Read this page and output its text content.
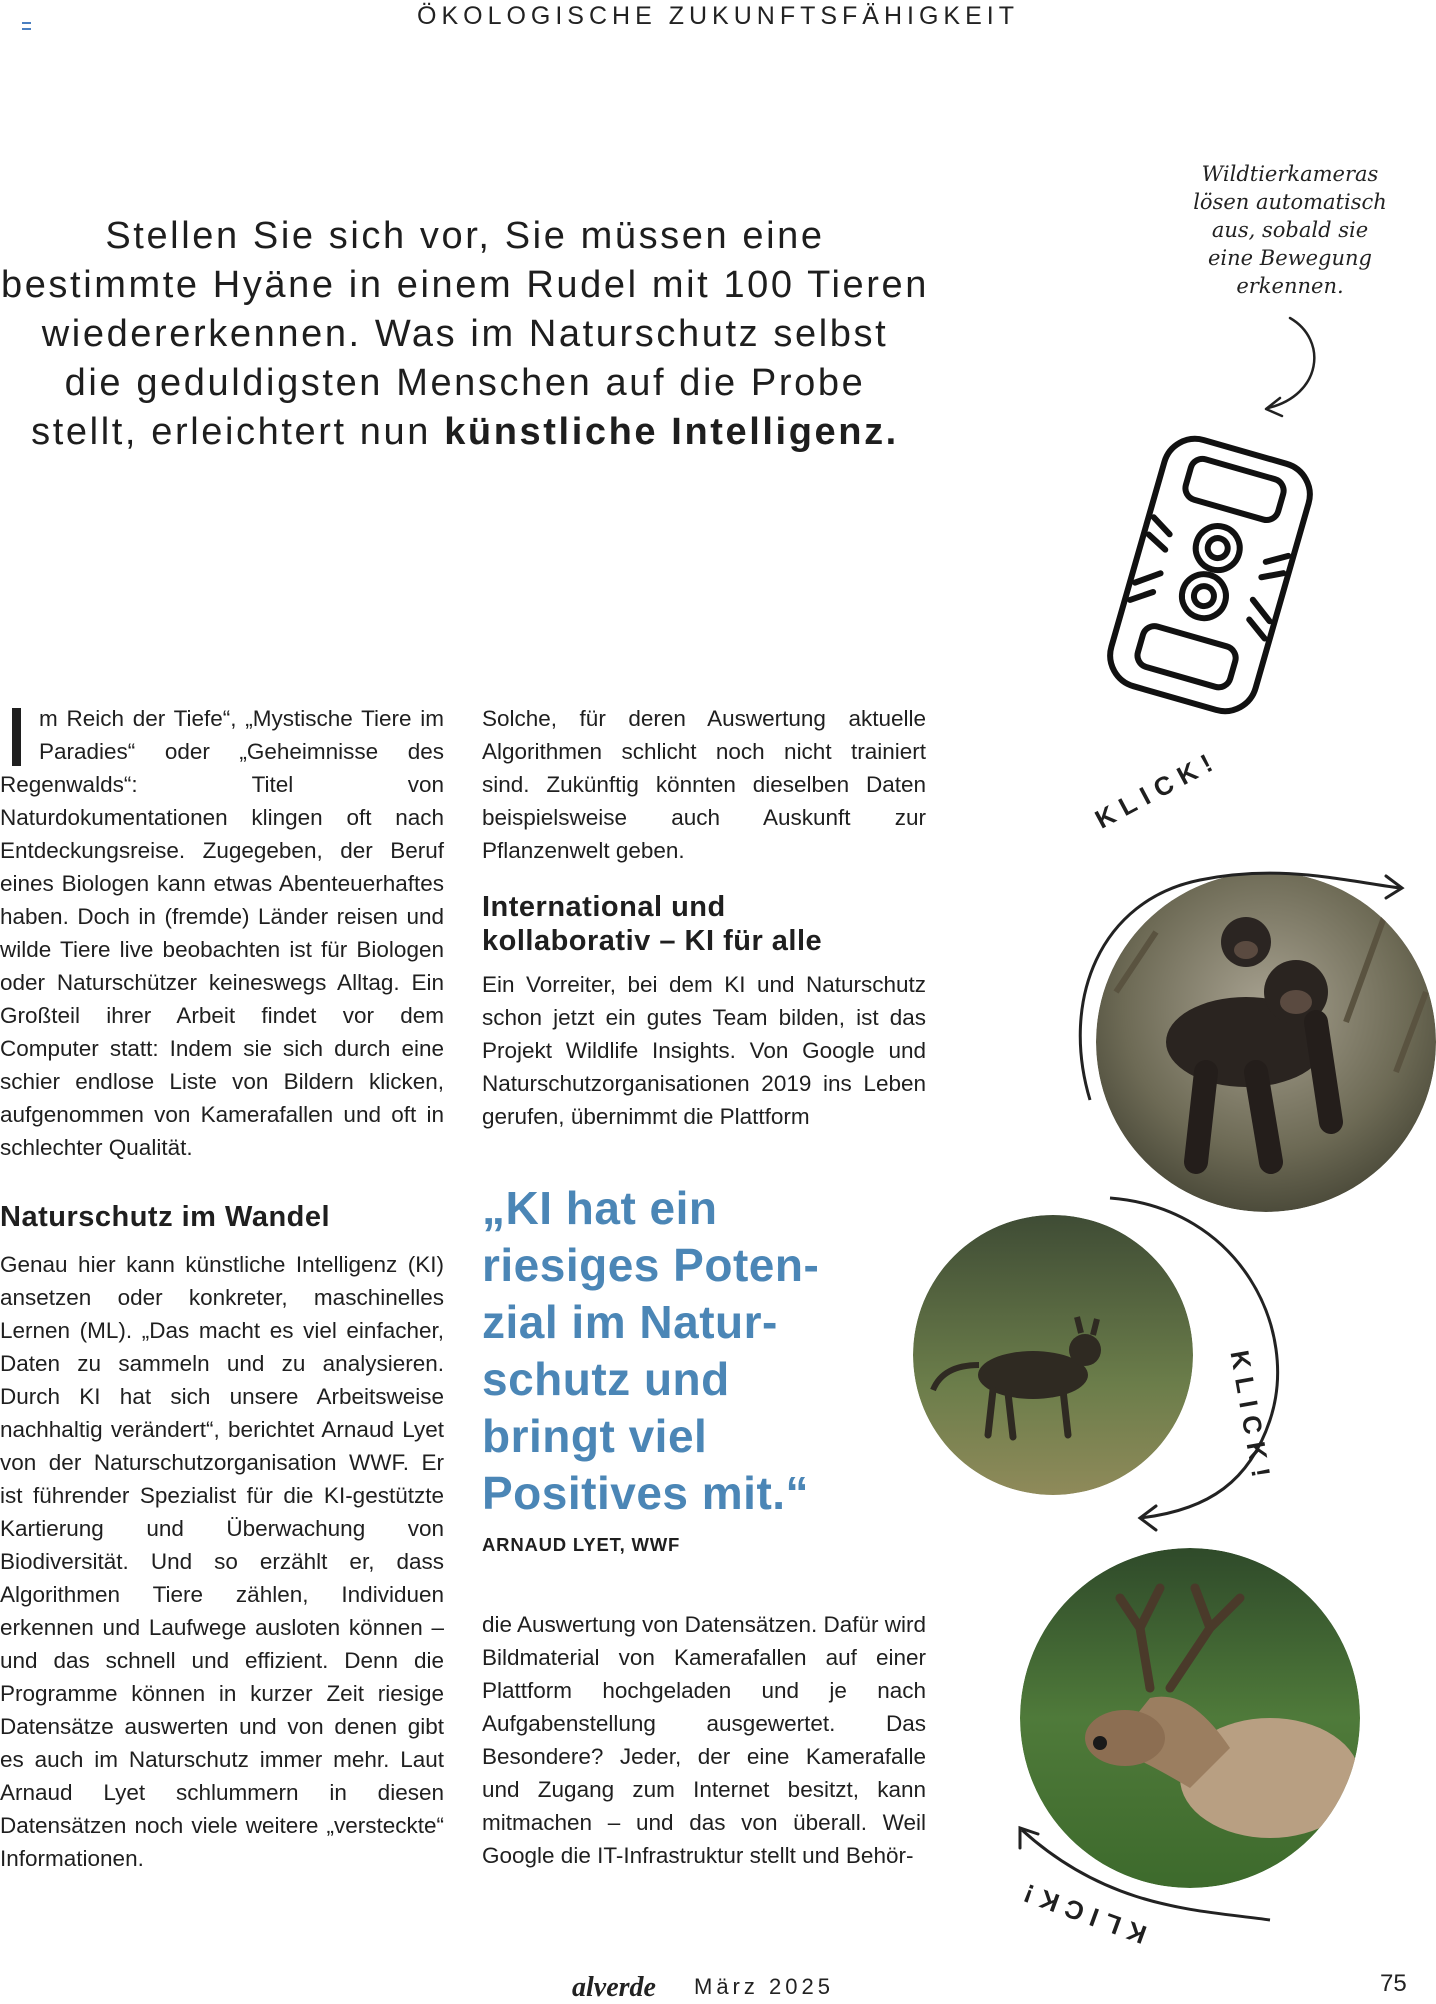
ÖKOLOGISCHE ZUKUNFTSFÄHIGKEIT
Stellen Sie sich vor, Sie müssen eine
bestimmte Hyäne in einem Rudel mit 100 Tieren
wiedererkennen. Was im Naturschutz selbst
die geduldigsten Menschen auf die Probe
stellt, erleichtert nun künstliche Intelligenz.
Wildtierkameras
lösen automatisch
aus, sobald sie
eine Bewegung
erkennen.

m Reich der Tiefe“, „Mystische Tiere im Paradies“ oder „Geheimnisse des Regenwalds“: Titel von Naturdokumentationen klingen oft nach Entdeckungsreise. Zugegeben, der Beruf eines Biologen kann etwas Abenteuerhaftes haben. Doch in (fremde) Länder reisen und wilde Tiere live beobachten ist für Biologen oder Naturschützer keineswegs Alltag. Ein Großteil ihrer Arbeit findet vor dem Computer statt: Indem sie sich durch eine schier endlose Liste von Bildern klicken, aufgenommen von Kamerafallen und oft in schlechter Qualität.

Naturschutz im Wandel

Genau hier kann künstliche Intelligenz (KI) ansetzen oder konkreter, maschinelles Lernen (ML). „Das macht es viel einfacher, Daten zu sammeln und zu analysieren. Durch KI hat sich unsere Arbeitsweise nachhaltig verändert“, berichtet Arnaud Lyet von der Naturschutzorganisation WWF. Er ist führender Spezialist für die KI-gestützte Kartierung und Überwachung von Biodiversität. Und so erzählt er, dass Algorithmen Tiere zählen, Individuen erkennen und Laufwege ausloten können – und das schnell und effizient. Denn die Programme können in kurzer Zeit riesige Datensätze auswerten und von denen gibt es auch im Naturschutz immer mehr. Laut Arnaud Lyet schlummern in diesen Datensätzen noch viele weitere „versteckte“ Informationen.

Solche, für deren Auswertung aktuelle Algorithmen schlicht noch nicht trainiert sind. Zukünftig könnten dieselben Daten beispielsweise auch Auskunft zur Pflanzenwelt geben.

International und

kollaborativ – KI für alle

Ein Vorreiter, bei dem KI und Naturschutz schon jetzt ein gutes Team bilden, ist das Projekt Wildlife Insights. Von Google und Naturschutzorganisationen 2019 ins Leben gerufen, übernimmt die Plattform

„KI hat ein
riesiges Poten-
zial im Natur-
schutz und
bringt viel
Positives mit.“
ARNAUD LYET, WWF

die Auswertung von Datensätzen. Dafür wird Bildmaterial von Kamerafallen auf einer Plattform hochgeladen und je nach Aufgabenstellung ausgewertet. Das Besondere? Jeder, der eine Kamerafalle und Zugang zum Internet besitzt, kann mitmachen – und das von überall. Weil Google die IT-Infrastruktur stellt und Behör-

KLICK!
KLICK!
KLICK!
alverde März 2025	75
